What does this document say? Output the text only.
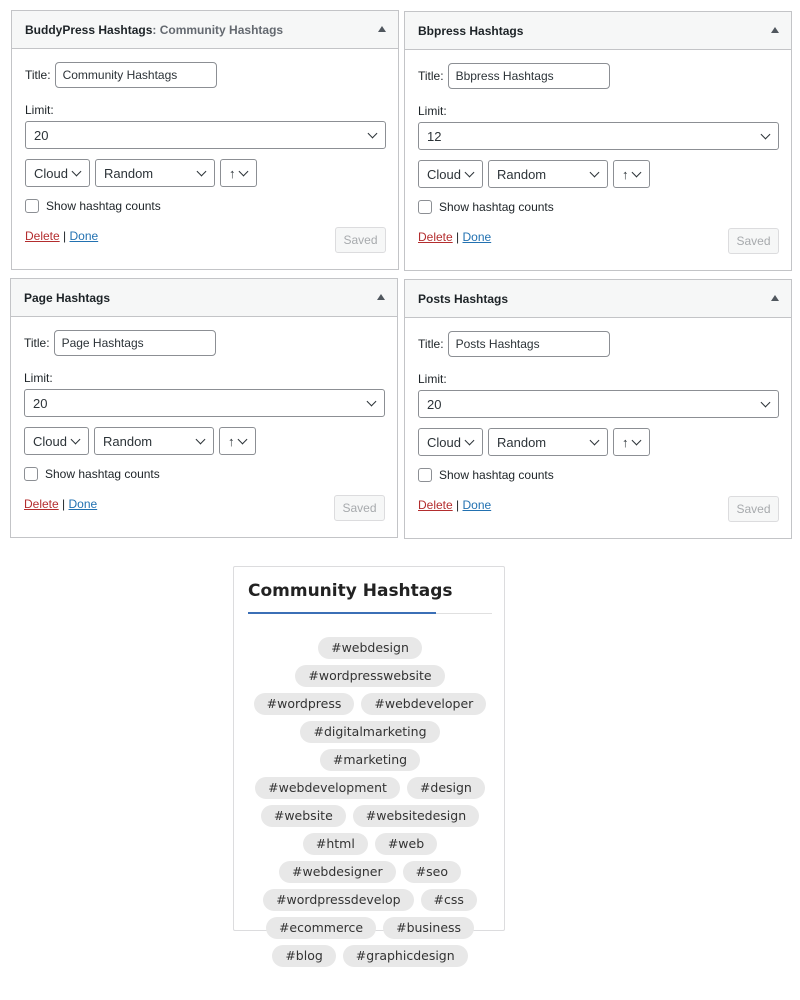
BuddyPress Hashtags : Community Hashtags
Title:
Community Hashtags
Limit:
20
Cloud	Random	↑
Show hashtag counts
Delete | Done	Saved
Bbpress Hashtags
Title:
Bbpress Hashtags
Limit:
12
Cloud	Random	↑
Show hashtag counts
Delete | Done	Saved
Page Hashtags
Title:
Page Hashtags
Limit:
20
Cloud	Random	↑
Show hashtag counts
Delete | Done	Saved
Posts Hashtags
Title:
Posts Hashtags
Limit:
20
Cloud	Random	↑
Show hashtag counts
Delete | Done	Saved
Community Hashtags
#webdesign
#wordpresswebsite
#wordpress	#webdeveloper
#digitalmarketing
#marketing
#webdevelopment	#design
#website	#websitedesign
#html	#web
#webdesigner	#seo
#wordpressdevelop	#css
#ecommerce	#business
#blog	#graphicdesign
